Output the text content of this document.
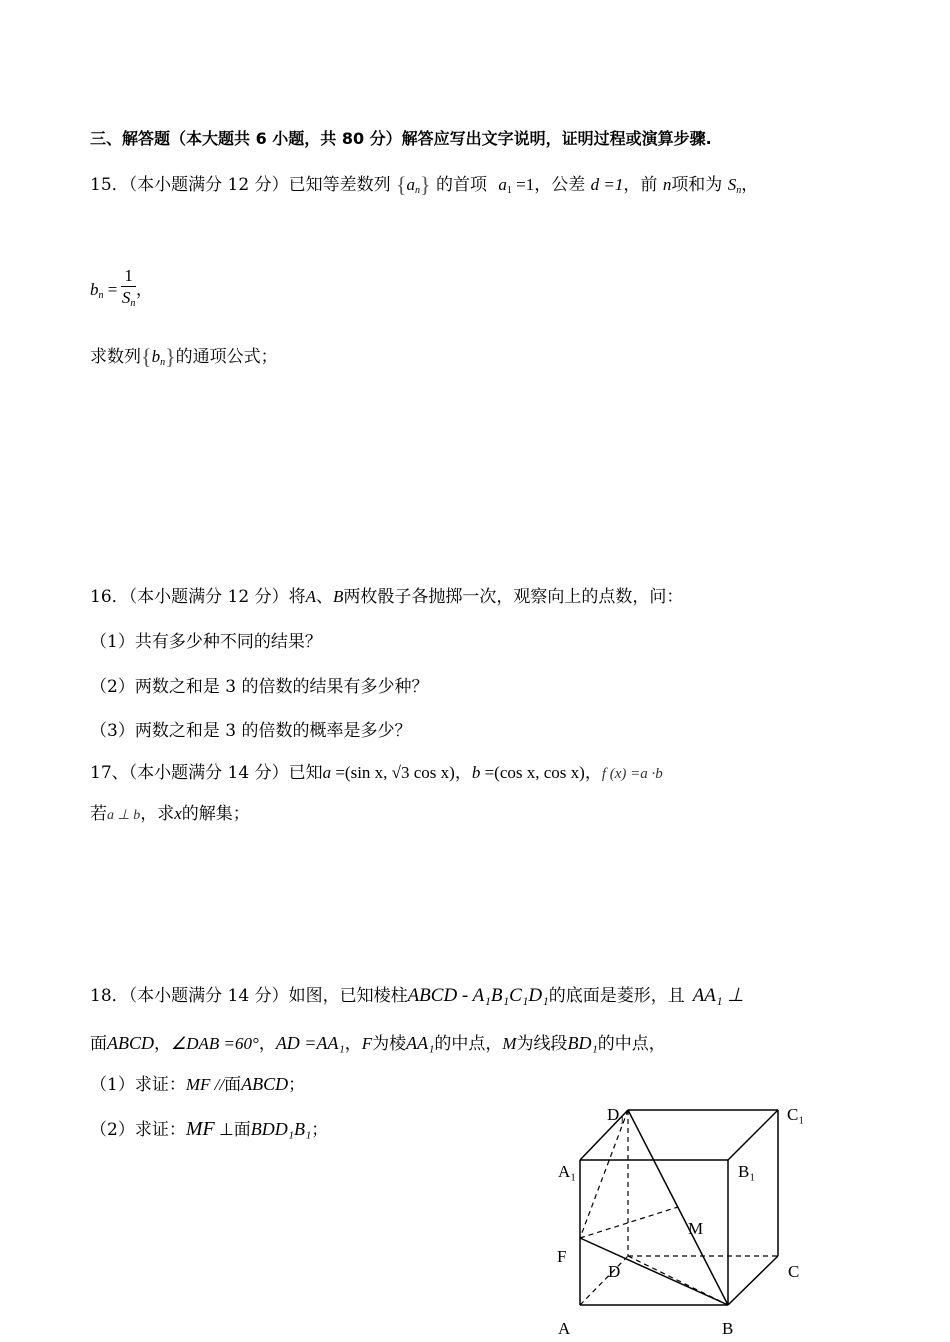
三、解答题（本大题共 6 小题，共 80 分）解答应写出文字说明，证明过程或演算步骤.
15．（本小题满分 12 分）已知等差数列 $\{a_n\}$ 的首项 $a_1 =1$，公差 d =1，前 n项和为 $S_n$，
$b_n = \frac{1}{S_n}$ ，
求数列$\{b_n\}$的通项公式；
16．（本小题满分 12 分）将A、B两枚骰子各抛掷一次，观察向上的点数，问：
（1）共有多少种不同的结果？
（2）两数之和是 3 的倍数的结果有多少种？
（3）两数之和是 3 的倍数的概率是多少？
17、（本小题满分 14 分）已知a =(sin x, √3 cos x)，b =(cos x, cos x)，f (x) =a ·b
若a ⊥ b，求x的解集；
18．（本小题满分 14 分）如图，已知棱柱ABCD - A₁B₁C₁D₁的底面是菱形，且 AA₁ ⊥
面ABCD，∠DAB =60°，AD =AA₁，F为棱AA₁的中点，M为线段BD₁的中点，
（1）求证：MF //面ABCD；
（2）求证：MF ⊥面BDD₁B₁；
D₁	C₁
A₁	B₁
M
F
D	C
A	B
